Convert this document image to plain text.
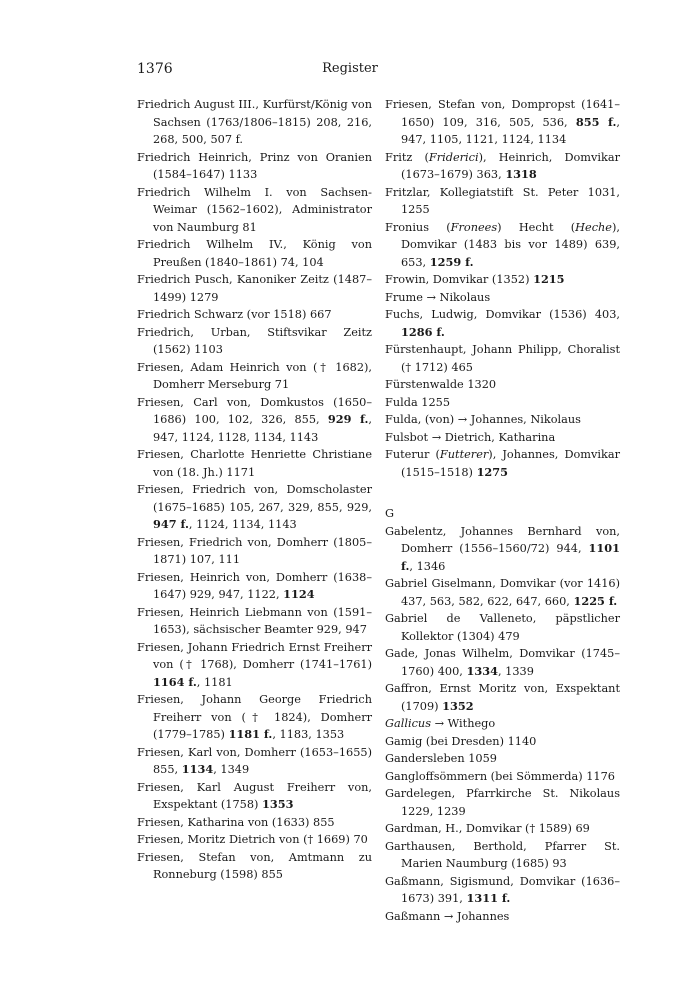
1376	Register
Friedrich August III., Kurfürst/König von Sachsen (1763/1806–1815) 208, 216, 268, 500, 507 f.
Friedrich Heinrich, Prinz von Oranien (1584–1647) 1133
Friedrich Wilhelm I. von Sachsen-Weimar (1562–1602), Administrator von Naumburg 81
Friedrich Wilhelm IV., König von Preußen (1840–1861) 74, 104
Friedrich Pusch, Kanoniker Zeitz (1487–1499) 1279
Friedrich Schwarz (vor 1518) 667
Friedrich, Urban, Stiftsvikar Zeitz (1562) 1103
Friesen, Adam Heinrich von († 1682), Domherr Merseburg 71
Friesen, Carl von, Domkustos (1650–1686) 100, 102, 326, 855, 929 f., 947, 1124, 1128, 1134, 1143
Friesen, Charlotte Henriette Christiane von (18. Jh.) 1171
Friesen, Friedrich von, Domscholaster (1675–1685) 105, 267, 329, 855, 929, 947 f., 1124, 1134, 1143
Friesen, Friedrich von, Domherr (1805–1871) 107, 111
Friesen, Heinrich von, Domherr (1638–1647) 929, 947, 1122, 1124
Friesen, Heinrich Liebmann von (1591–1653), sächsischer Beamter 929, 947
Friesen, Johann Friedrich Ernst Freiherr von († 1768), Domherr (1741–1761) 1164 f., 1181
Friesen, Johann George Friedrich Freiherr von († 1824), Domherr (1779–1785) 1181 f., 1183, 1353
Friesen, Karl von, Domherr (1653–1655) 855, 1134, 1349
Friesen, Karl August Freiherr von, Exspektant (1758) 1353
Friesen, Katharina von (1633) 855
Friesen, Moritz Dietrich von († 1669) 70
Friesen, Stefan von, Amtmann zu Ronneburg (1598) 855
Friesen, Stefan von, Dompropst (1641–1650) 109, 316, 505, 536, 855 f., 947, 1105, 1121, 1124, 1134
Fritz (Friderici), Heinrich, Domvikar (1673–1679) 363, 1318
Fritzlar, Kollegiatstift St. Peter 1031, 1255
Fronius (Fronees) Hecht (Heche), Domvikar (1483 bis vor 1489) 639, 653, 1259 f.
Frowin, Domvikar (1352) 1215
Frume → Nikolaus
Fuchs, Ludwig, Domvikar (1536) 403, 1286 f.
Fürstenhaupt, Johann Philipp, Choralist († 1712) 465
Fürstenwalde 1320
Fulda 1255
Fulda, (von) → Johannes, Nikolaus
Fulsbot → Dietrich, Katharina
Futerur (Futterer), Johannes, Domvikar (1515–1518) 1275
G
Gabelentz, Johannes Bernhard von, Domherr (1556–1560/72) 944, 1101 f., 1346
Gabriel Giselmann, Domvikar (vor 1416) 437, 563, 582, 622, 647, 660, 1225 f.
Gabriel de Valleneto, päpstlicher Kollektor (1304) 479
Gade, Jonas Wilhelm, Domvikar (1745–1760) 400, 1334, 1339
Gaffron, Ernst Moritz von, Exspektant (1709) 1352
Gallicus → Withego
Gamig (bei Dresden) 1140
Gandersleben 1059
Gangloffsömmern (bei Sömmerda) 1176
Gardelegen, Pfarrkirche St. Nikolaus 1229, 1239
Gardman, H., Domvikar († 1589) 69
Garthausen, Berthold, Pfarrer St. Marien Naumburg (1685) 93
Gaßmann, Sigismund, Domvikar (1636–1673) 391, 1311 f.
Gaßmann → Johannes
